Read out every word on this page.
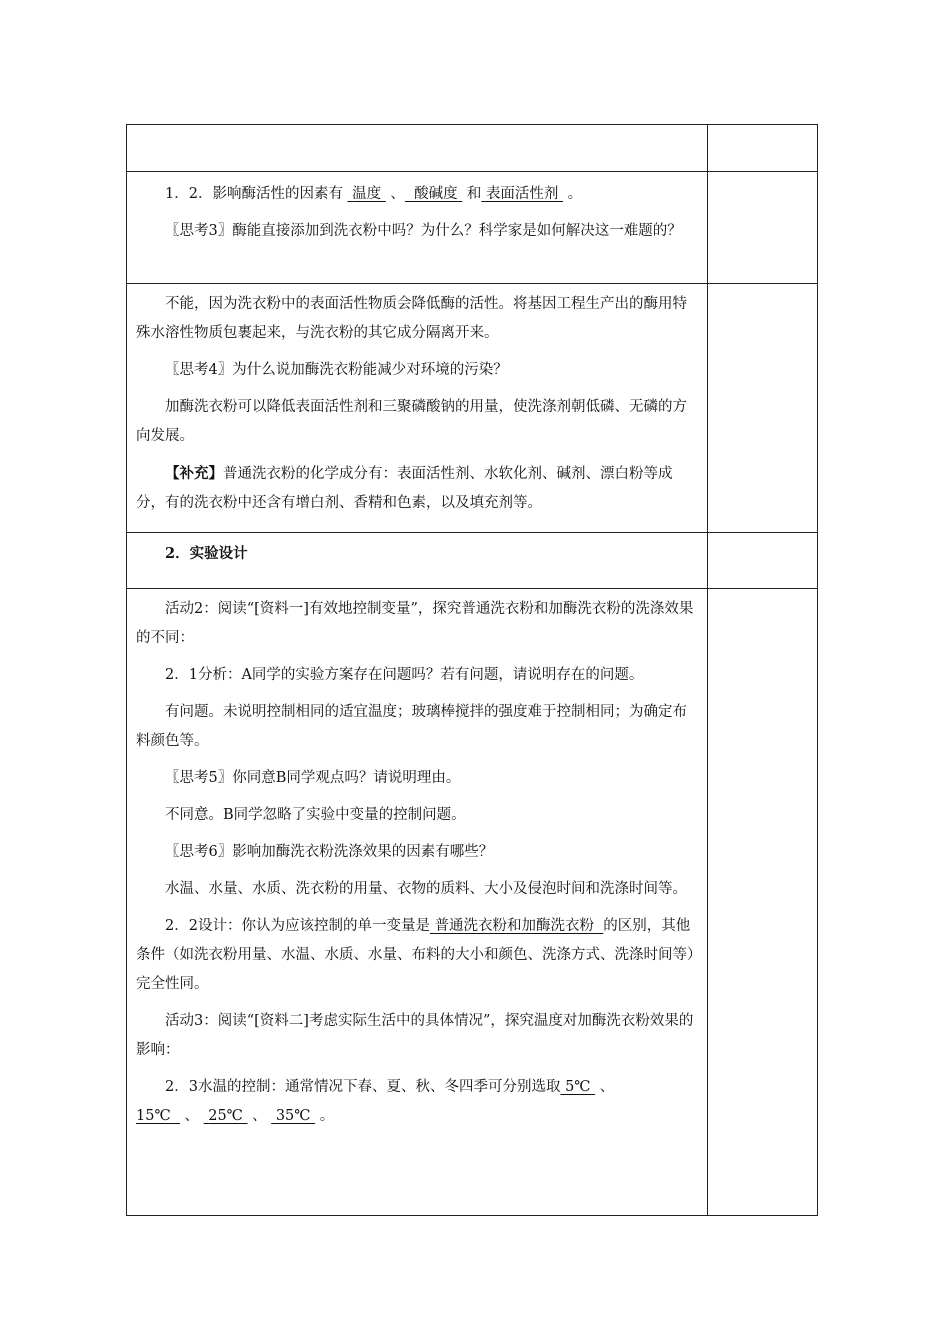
1．2．影响酶活性的因素有 温度 、 酸碱度 和 表面活性剂 。

〖思考3〗酶能直接添加到洗衣粉中吗？为什么？科学家是如何解决这一难题的？

不能，因为洗衣粉中的表面活性物质会降低酶的活性。将基因工程生产出的酶用特殊水溶性物质包裹起来，与洗衣粉的其它成分隔离开来。

〖思考4〗为什么说加酶洗衣粉能减少对环境的污染？

加酶洗衣粉可以降低表面活性剂和三聚磷酸钠的用量，使洗涤剂朝低磷、无磷的方向发展。

【补充】普通洗衣粉的化学成分有：表面活性剂、水软化剂、碱剂、漂白粉等成分，有的洗衣粉中还含有增白剂、香精和色素，以及填充剂等。

2．实验设计

活动2：阅读“[资料一]有效地控制变量”，探究普通洗衣粉和加酶洗衣粉的洗涤效果的不同：

2．1分析：A同学的实验方案存在问题吗？若有问题，请说明存在的问题。

有问题。未说明控制相同的适宜温度；玻璃棒搅拌的强度难于控制相同；为确定布料颜色等。

〖思考5〗你同意B同学观点吗？请说明理由。

不同意。B同学忽略了实验中变量的控制问题。

〖思考6〗影响加酶洗衣粉洗涤效果的因素有哪些？

水温、水量、水质、洗衣粉的用量、衣物的质料、大小及侵泡时间和洗涤时间等。

2．2设计：你认为应该控制的单一变量是 普通洗衣粉和加酶洗衣粉 的区别，其他条件（如洗衣粉用量、水温、水质、水量、布料的大小和颜色、洗涤方式、洗涤时间等）完全性同。

活动3：阅读“[资料二]考虑实际生活中的具体情况”，探究温度对加酶洗衣粉效果的影响：

2．3水温的控制：通常情况下春、夏、秋、冬四季可分别选取 5℃ 、15℃ 、 25℃ 、 35℃ 。
